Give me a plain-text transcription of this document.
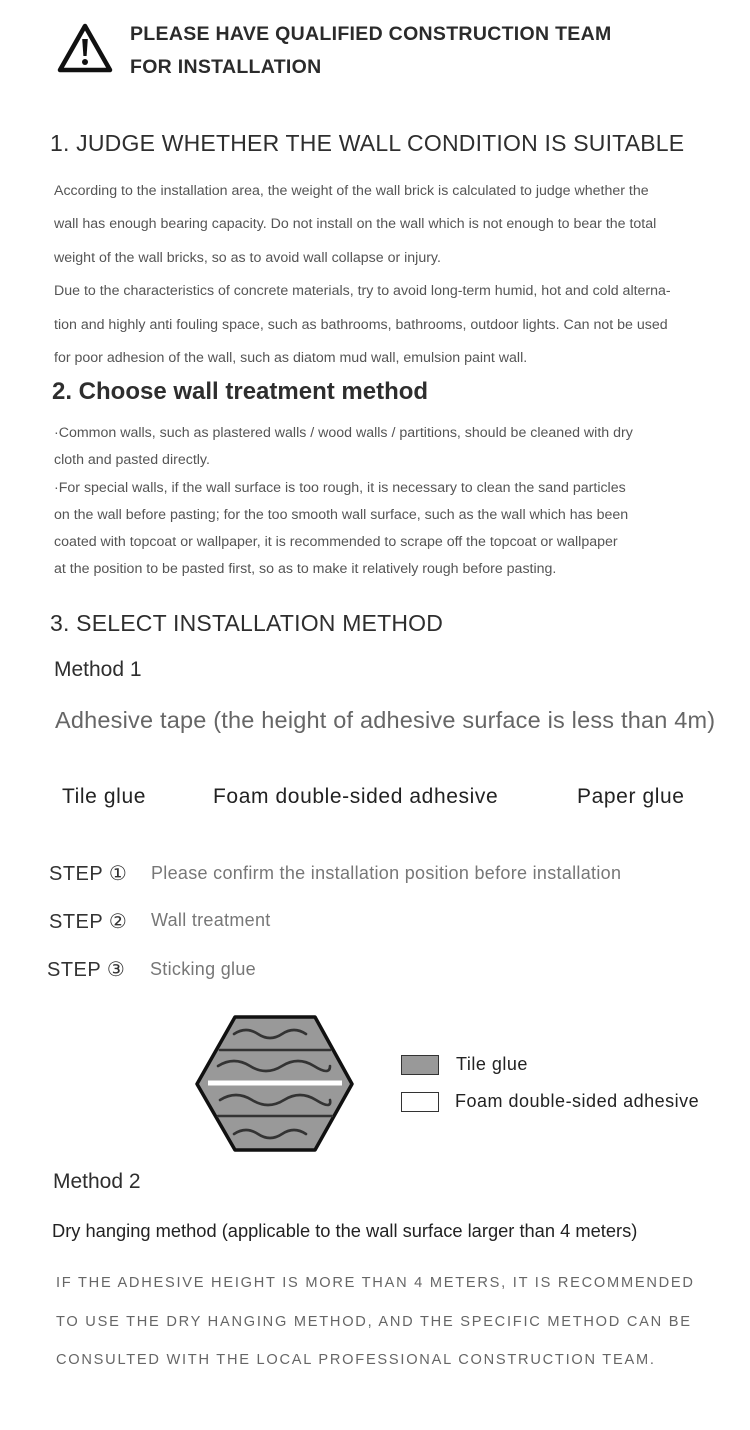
PLEASE HAVE QUALIFIED CONSTRUCTION TEAM
FOR INSTALLATION
1. JUDGE WHETHER THE WALL CONDITION IS SUITABLE
According to the installation area, the weight of the wall brick is calculated to judge whether the
wall has enough bearing capacity. Do not install on the wall which is not enough to bear the total
weight of the wall bricks, so as to avoid wall collapse or injury.
Due to the characteristics of concrete materials, try to avoid long-term humid, hot and cold alterna-
tion and highly anti fouling space, such as bathrooms, bathrooms, outdoor lights. Can not be used
for poor adhesion of the wall, such as diatom mud wall, emulsion paint wall.
2. Choose wall treatment method
·Common walls, such as plastered walls / wood walls / partitions, should be cleaned with dry
cloth and pasted directly.
·For special walls, if the wall surface is too rough, it is necessary to clean the sand particles
on the wall before pasting; for the too smooth wall surface, such as the wall which has been
coated with topcoat or wallpaper, it is recommended to scrape off the topcoat or wallpaper
at the position to be pasted first, so as to make it relatively rough before pasting.
3. SELECT INSTALLATION METHOD
Method 1
Adhesive tape (the height of adhesive surface is less than 4m)
Tile glue	Foam double-sided adhesive	Paper glue
STEP ① Please confirm the installation position before installation
STEP ② Wall treatment
STEP ③ Sticking glue
Tile glue
Foam double-sided adhesive
Method 2
Dry hanging method (applicable to the wall surface larger than 4 meters)
IF THE ADHESIVE HEIGHT IS MORE THAN 4 METERS, IT IS RECOMMENDED
TO USE THE DRY HANGING METHOD, AND THE SPECIFIC METHOD CAN BE
CONSULTED WITH THE LOCAL PROFESSIONAL CONSTRUCTION TEAM.
